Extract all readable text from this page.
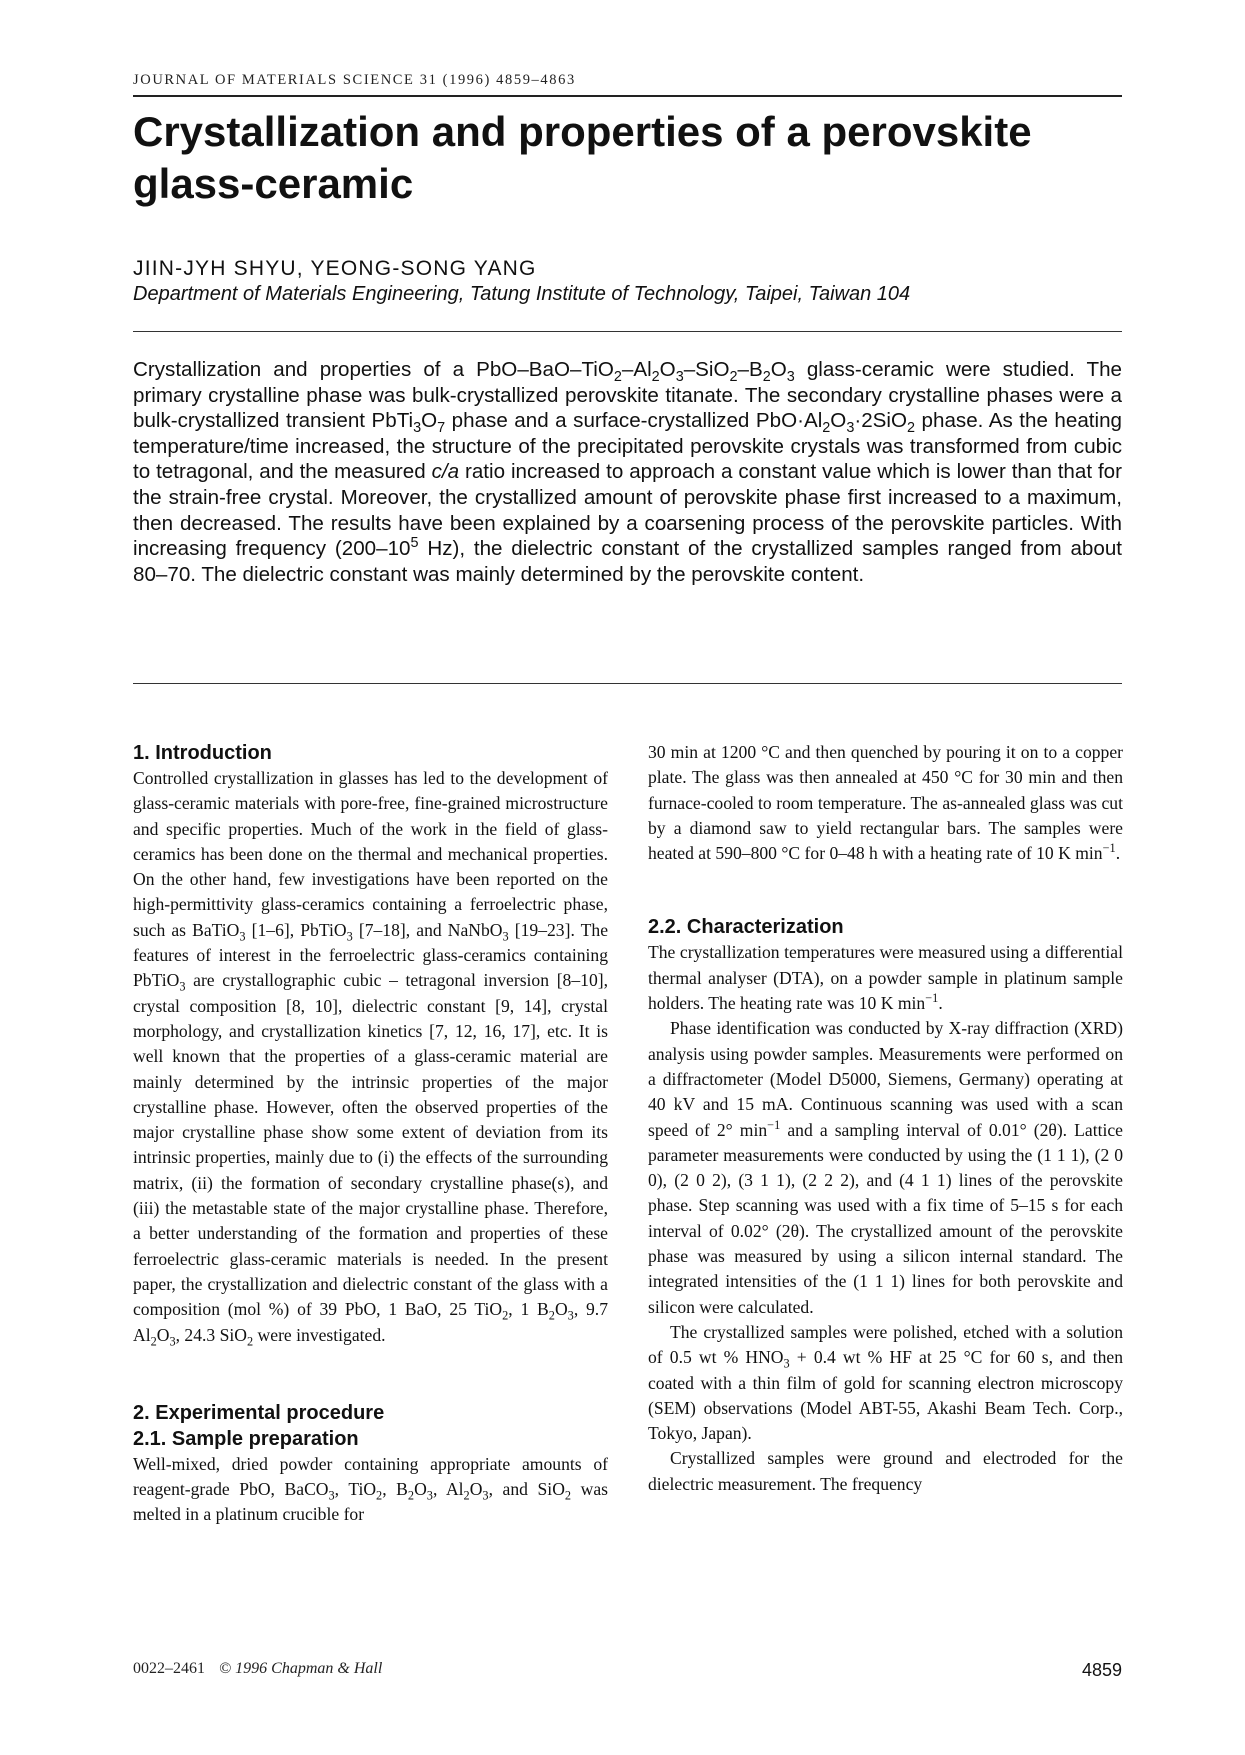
JOURNAL OF MATERIALS SCIENCE 31 (1996) 4859–4863
Crystallization and properties of a perovskite glass-ceramic
JIIN-JYH SHYU, YEONG-SONG YANG
Department of Materials Engineering, Tatung Institute of Technology, Taipei, Taiwan 104

Crystallization and properties of a PbO–$BaO-TiO_2-Al_2O_3-SiO_2-B_2O_3$ glass-ceramic were studied. The primary crystalline phase was bulk-crystallized perovskite titanate. The secondary crystalline phases were a bulk-crystallized transient $PbTi_3O_7$ phase and a surface-crystallized $PbO\cdot Al_2O_3\cdot 2SiO_2$ phase. As the heating temperature/time increased, the structure of the precipitated perovskite crystals was transformed from cubic to tetragonal, and the measured c/a ratio increased to approach a constant value which is lower than that for the strain-free crystal. Moreover, the crystallized amount of perovskite phase first increased to a maximum, then decreased. The results have been explained by a coarsening process of the perovskite particles. With increasing frequency ($200-10^5$ Hz), the dielectric constant of the crystallized samples ranged from about 80–70. The dielectric constant was mainly determined by the perovskite content.

1. Introduction

Controlled crystallization in glasses has led to the development of glass-ceramic materials with pore-free, fine-grained microstructure and specific properties. Much of the work in the field of glass-ceramics has been done on the thermal and mechanical properties. On the other hand, few investigations have been reported on the high-permittivity glass-ceramics containing a ferroelectric phase, such as BaTiO$_3$ [1–6], PbTiO$_3$ [7–18], and NaNbO$_3$ [19–23]. The features of interest in the ferroelectric glass-ceramics containing PbTiO$_3$ are crystallographic cubic – tetragonal inversion [8–10], crystal composition [8, 10], dielectric constant [9, 14], crystal morphology, and crystallization kinetics [7, 12, 16, 17], etc. It is well known that the properties of a glass-ceramic material are mainly determined by the intrinsic properties of the major crystalline phase. However, often the observed properties of the major crystalline phase show some extent of deviation from its intrinsic properties, mainly due to (i) the effects of the surrounding matrix, (ii) the formation of secondary crystalline phase(s), and (iii) the metastable state of the major crystalline phase. Therefore, a better understanding of the formation and properties of these ferroelectric glass-ceramic materials is needed. In the present paper, the crystallization and dielectric constant of the glass with a composition (mol %) of 39 PbO, 1 BaO, 25 TiO$_2$, 1 $B_2O_3$, 9.7 $Al_2O_3$, 24.3 SiO$_2$ were investigated.

2. Experimental procedure
2.1. Sample preparation

Well-mixed, dried powder containing appropriate amounts of reagent-grade PbO, BaCO$_3$, TiO$_2$, $B_2O_3$, $Al_2O_3$, and SiO$_2$ was melted in a platinum crucible for

30 min at 1200 °C and then quenched by pouring it on to a copper plate. The glass was then annealed at 450 °C for 30 min and then furnace-cooled to room temperature. The as-annealed glass was cut by a diamond saw to yield rectangular bars. The samples were heated at 590–800 °C for 0–48 h with a heating rate of 10 K $\min^{-1}$.

2.2. Characterization

The crystallization temperatures were measured using a differential thermal analyser (DTA), on a powder sample in platinum sample holders. The heating rate was 10 K $\min^{-1}$.

Phase identification was conducted by X-ray diffraction (XRD) analysis using powder samples. Measurements were performed on a diffractometer (Model D5000, Siemens, Germany) operating at 40 kV and 15 mA. Continuous scanning was used with a scan speed of 2° $\min^{-1}$ and a sampling interval of 0.01° (2θ). Lattice parameter measurements were conducted by using the (1 1 1), (2 0 0), (2 0 2), (3 1 1), (2 2 2), and (4 1 1) lines of the perovskite phase. Step scanning was used with a fix time of 5–15 s for each interval of 0.02° (2θ). The crystallized amount of the perovskite phase was measured by using a silicon internal standard. The integrated intensities of the (1 1 1) lines for both perovskite and silicon were calculated.

The crystallized samples were polished, etched with a solution of 0.5 wt % $HNO_3 + 0.4$ wt % HF at 25 °C for 60 s, and then coated with a thin film of gold for scanning electron microscopy (SEM) observations (Model ABT-55, Akashi Beam Tech. Corp., Tokyo, Japan).

Crystallized samples were ground and electroded for the dielectric measurement. The frequency

0022–2461 © 1996 Chapman & Hall	4859
